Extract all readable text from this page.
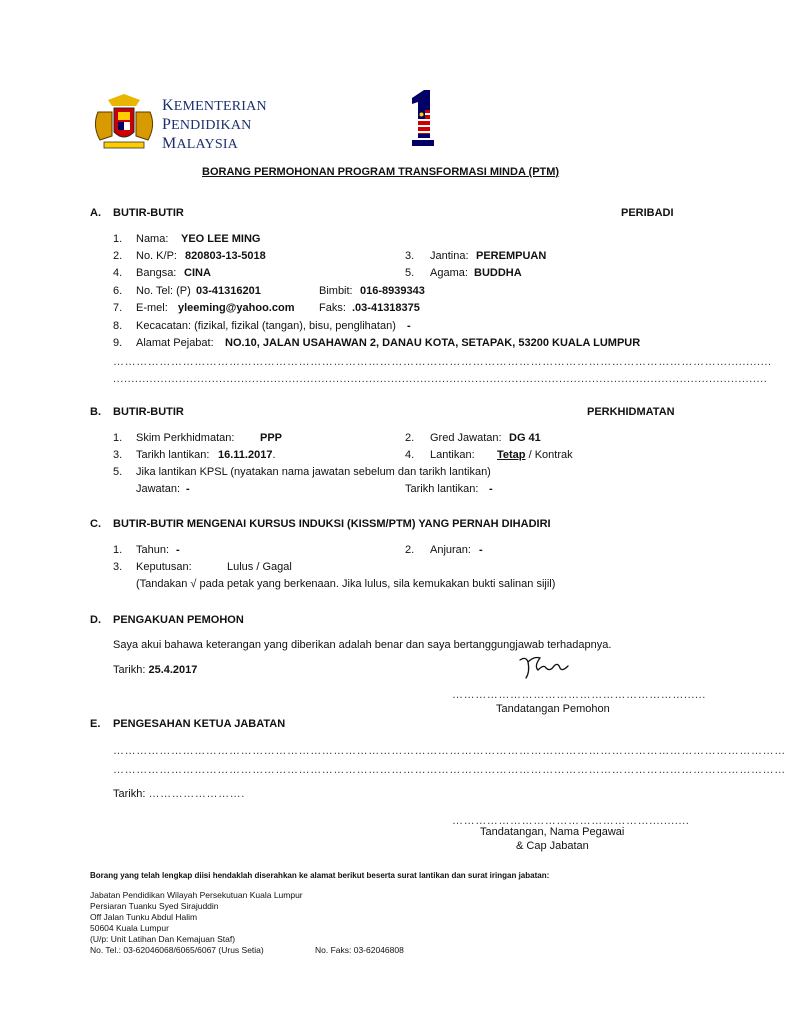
KEMENTERIAN
PENDIDIKAN
MALAYSIA
BORANG PERMOHONAN PROGRAM TRANSFORMASI MINDA (PTM)
A. BUTIR-BUTIR	PERIBADI
1. Nama: YEO LEE MING
2. No. K/P: 820803-13-5018	3. Jantina: PEREMPUAN
4. Bangsa: CINA	5. Agama: BUDDHA
6. No. Tel: (P) 03-41316201	Bimbit: 016-8939343
7. E-mel: yleeming@yahoo.com Faks: .03-41318375
8. Kecacatan: (fizikal, fizikal (tangan), bisu, penglihatan) -
9. Alamat Pejabat: NO.10, JALAN USAHAWAN 2, DANAU KOTA, SETAPAK, 53200 KUALA LUMPUR
……………………………………………………………………………………………………………………………………………............
...................................................................................................................................................................................
B. BUTIR-BUTIR	PERKHIDMATAN
1. Skim Perkhidmatan: PPP	2. Gred Jawatan: DG 41
3. Tarikh lantikan: 16.11.2017.	4. Lantikan: Tetap / Kontrak
5. Jika lantikan KPSL (nyatakan nama jawatan sebelum dan tarikh lantikan)
Jawatan: -	Tarikh lantikan: -
C. BUTIR-BUTIR MENGENAI KURSUS INDUKSI (KISSM/PTM) YANG PERNAH DIHADIRI
1. Tahun: -	2. Anjuran: -
3. Keputusan:	Lulus / Gagal
(Tandakan √ pada petak yang berkenaan. Jika lulus, sila kemukakan bukti salinan sijil)
D. PENGAKUAN PEMOHON
Saya akui bahawa keterangan yang diberikan adalah benar dan saya bertanggungjawab terhadapnya.
Tarikh: 25.4.2017
……………………………………………………......
Tandatangan Pemohon
E. PENGESAHAN KETUA JABATAN
…………………………………………………………………………………………………………………………………………………………
…………………………………………………………………………………………………………………………………………………………
Tarikh: …………………….
……………………………………………...........
Tandatangan, Nama Pegawai
& Cap Jabatan
Borang yang telah lengkap diisi hendaklah diserahkan ke alamat berikut beserta surat lantikan dan surat iringan jabatan:
Jabatan Pendidikan Wilayah Persekutuan Kuala Lumpur
Persiaran Tuanku Syed Sirajuddin
Off Jalan Tunku Abdul Halim
50604 Kuala Lumpur
(U/p: Unit Latihan Dan Kemajuan Staf)
No. Tel.: 03-62046068/6065/6067 (Urus Setia)	No. Faks: 03-62046808
